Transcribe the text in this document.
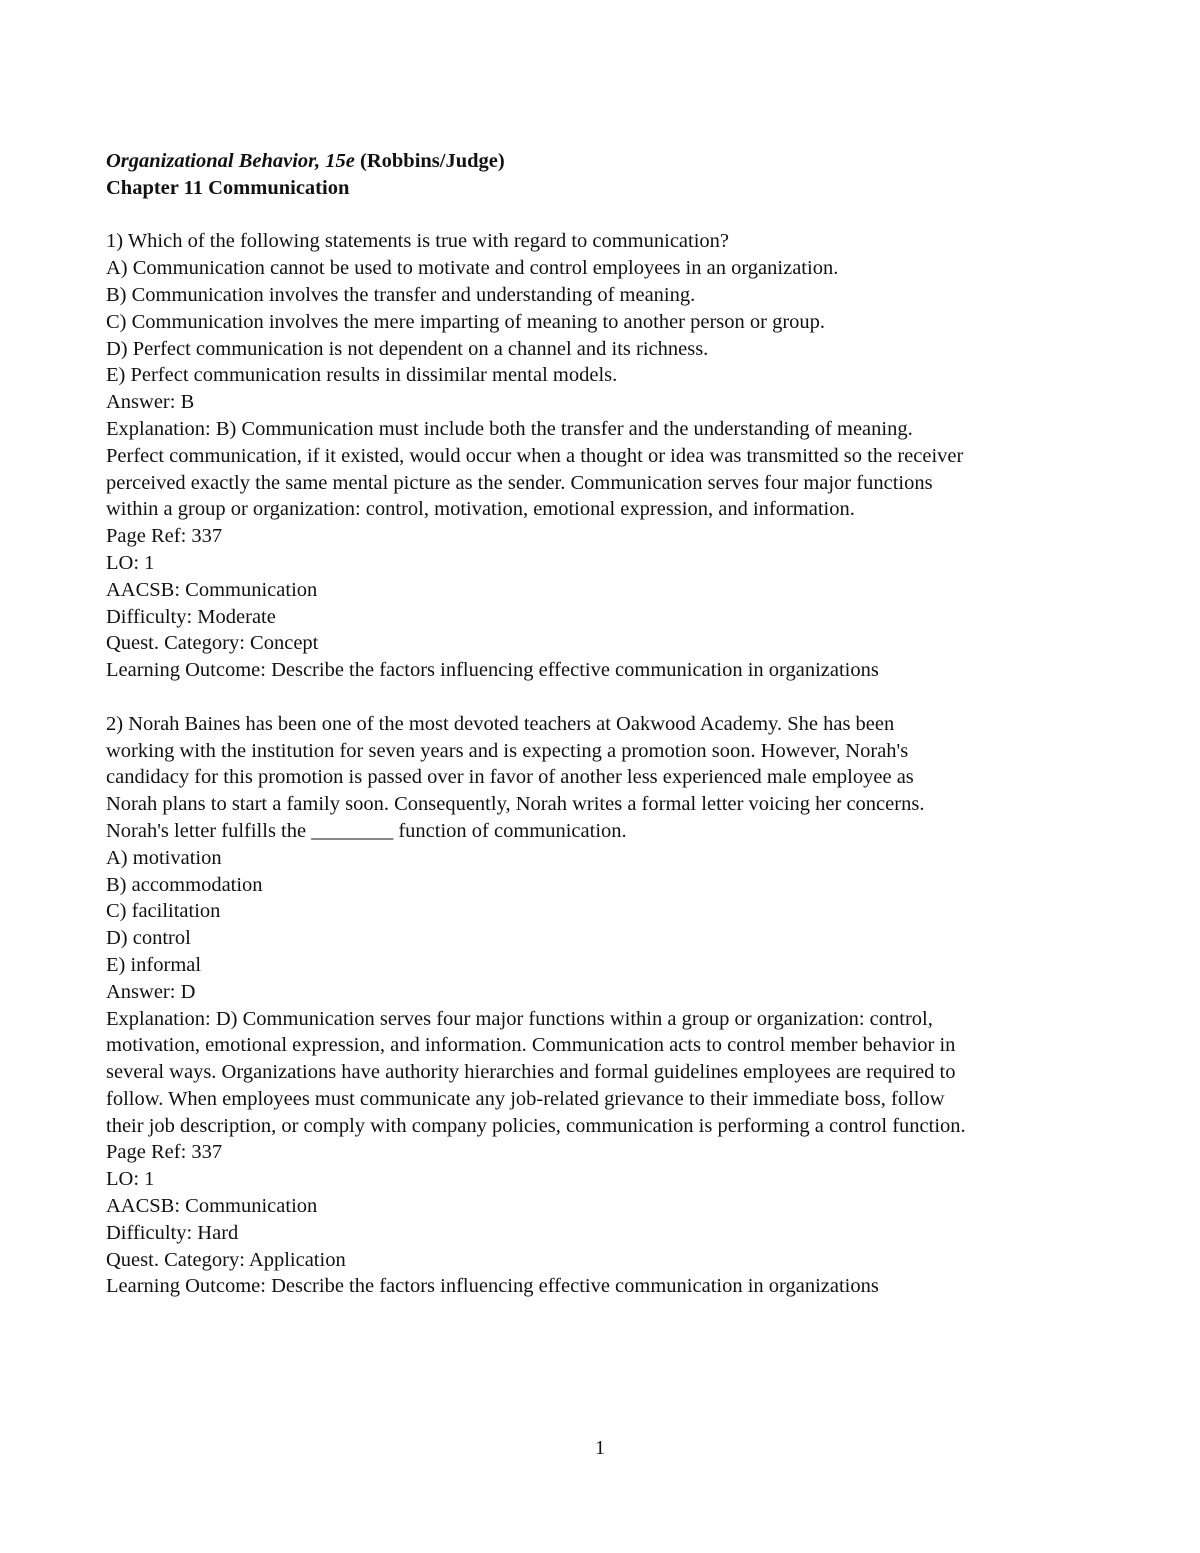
Organizational Behavior, 15e (Robbins/Judge)
Chapter 11 Communication
1) Which of the following statements is true with regard to communication?
A) Communication cannot be used to motivate and control employees in an organization.
B) Communication involves the transfer and understanding of meaning.
C) Communication involves the mere imparting of meaning to another person or group.
D) Perfect communication is not dependent on a channel and its richness.
E) Perfect communication results in dissimilar mental models.
Answer: B
Explanation: B) Communication must include both the transfer and the understanding of meaning.
Perfect communication, if it existed, would occur when a thought or idea was transmitted so the receiver
perceived exactly the same mental picture as the sender. Communication serves four major functions
within a group or organization: control, motivation, emotional expression, and information.
Page Ref: 337
LO: 1
AACSB: Communication
Difficulty: Moderate
Quest. Category: Concept
Learning Outcome: Describe the factors influencing effective communication in organizations
2) Norah Baines has been one of the most devoted teachers at Oakwood Academy. She has been
working with the institution for seven years and is expecting a promotion soon. However, Norah's
candidacy for this promotion is passed over in favor of another less experienced male employee as
Norah plans to start a family soon. Consequently, Norah writes a formal letter voicing her concerns.
Norah's letter fulfills the ________ function of communication.
A) motivation
B) accommodation
C) facilitation
D) control
E) informal
Answer: D
Explanation: D) Communication serves four major functions within a group or organization: control,
motivation, emotional expression, and information. Communication acts to control member behavior in
several ways. Organizations have authority hierarchies and formal guidelines employees are required to
follow. When employees must communicate any job-related grievance to their immediate boss, follow
their job description, or comply with company policies, communication is performing a control function.
Page Ref: 337
LO: 1
AACSB: Communication
Difficulty: Hard
Quest. Category: Application
Learning Outcome: Describe the factors influencing effective communication in organizations
1
